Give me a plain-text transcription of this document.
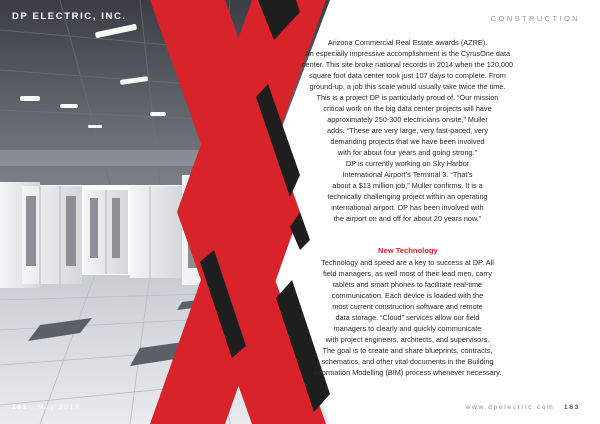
DP ELECTRIC, INC.	CONSTRUCTION
Arizona Commercial Real Estate awards (AZRE).
An especially impressive accomplishment is the CyrusOne data
center. This site broke national records in 2014 when the 120,000
square foot data center took just 107 days to complete. From
ground-up, a job this scale would usually take twice the time.
This is a project DP is particularly proud of. “Our mission
critical work on the big data center projects will have
approximately 250-300 electricians onsite,” Muller
adds. “These are very large, very fast-paced, very
demanding projects that we have been involved
with for about four years and going strong.”
DP is currently working on Sky Harbor
International Airport’s Terminal 3. “That’s
about a $13 million job,” Muller confirms. It is a
technically challenging project within an operating
international airport. DP has been involved with
the airport on and off for about 20 years now.”
New Technology
Technology and speed are a key to success at DP. All
field managers, as well most of their lead men, carry
tablets and smart phones to facilitate real-time
communication. Each device is loaded with the
most current construction software and remote
data storage. “Cloud” services allow our field
managers to clearly and quickly communicate
with project engineers, architects, and supervisors.
The goal is to create and share blueprints, contracts,
schematics, and other vital documents in the Building
Information Modelling (BIM) process whenever necessary.
182 May 2017	www.dpelectric.com 183
